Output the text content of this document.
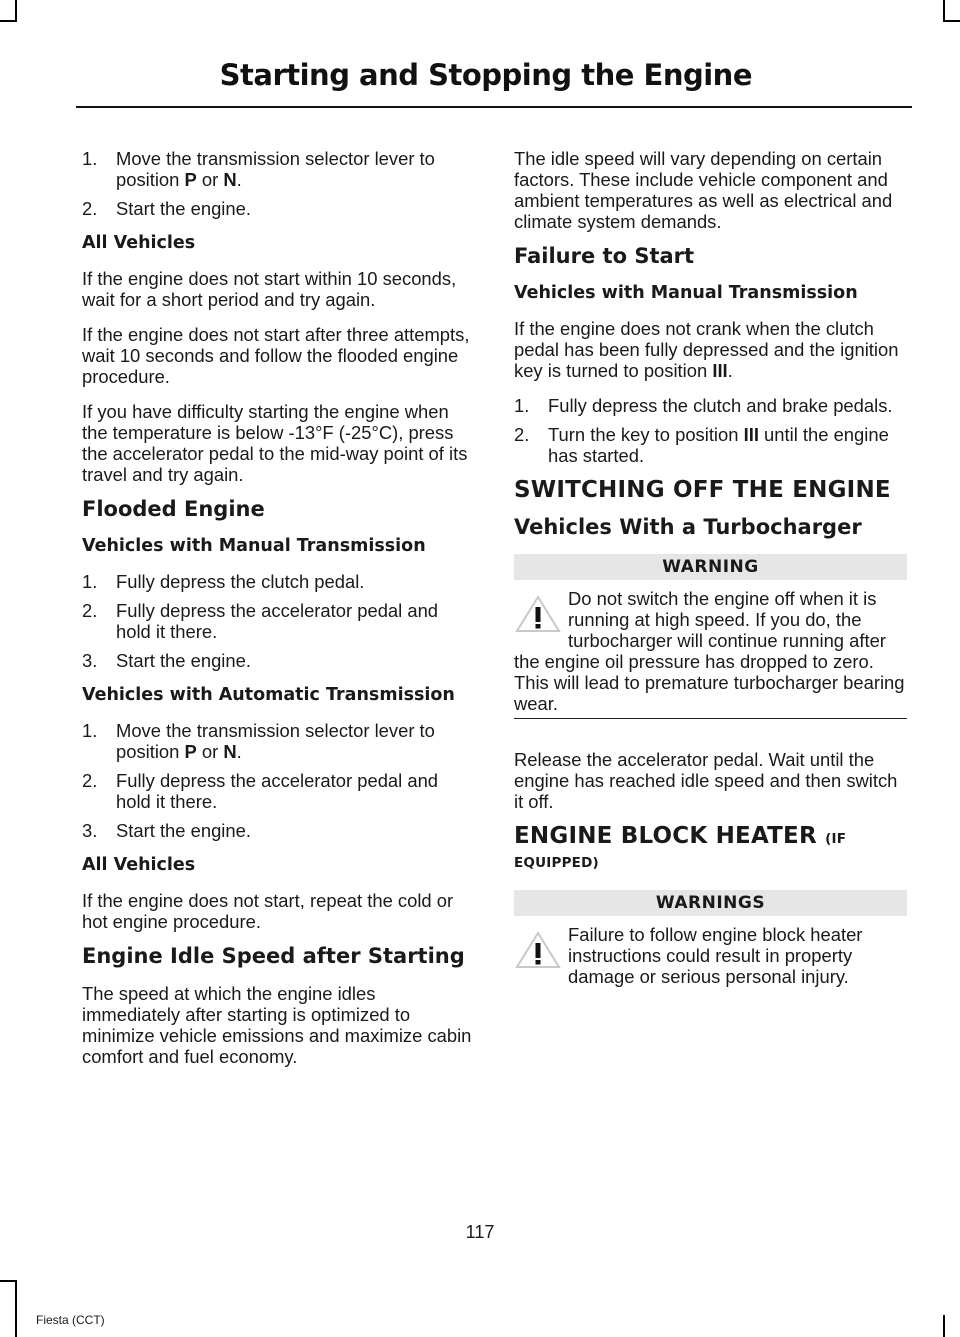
Starting and Stopping the Engine
1. Move the transmission selector lever to position P or N.
2. Start the engine.
All Vehicles

If the engine does not start within 10 seconds, wait for a short period and try again.

If the engine does not start after three attempts, wait 10 seconds and follow the flooded engine procedure.

If you have difficulty starting the engine when the temperature is below -13°F (-25°C), press the accelerator pedal to the mid-way point of its travel and try again.

Flooded Engine
Vehicles with Manual Transmission
1. Fully depress the clutch pedal.
2. Fully depress the accelerator pedal and hold it there.
3. Start the engine.
Vehicles with Automatic Transmission
1. Move the transmission selector lever to position P or N.
2. Fully depress the accelerator pedal and hold it there.
3. Start the engine.
All Vehicles

If the engine does not start, repeat the cold or hot engine procedure.

Engine Idle Speed after Starting

The speed at which the engine idles immediately after starting is optimized to minimize vehicle emissions and maximize cabin comfort and fuel economy.

The idle speed will vary depending on certain factors. These include vehicle component and ambient temperatures as well as electrical and climate system demands.

Failure to Start
Vehicles with Manual Transmission

If the engine does not crank when the clutch pedal has been fully depressed and the ignition key is turned to position III.

1. Fully depress the clutch and brake pedals.
2. Turn the key to position III until the engine has started.
SWITCHING OFF THE ENGINE
Vehicles With a Turbocharger
WARNING
Do not switch the engine off when it is running at high speed. If you do, the turbocharger will continue running after the engine oil pressure has dropped to zero. This will lead to premature turbocharger bearing wear.

Release the accelerator pedal. Wait until the engine has reached idle speed and then switch it off.

ENGINE BLOCK HEATER (IF EQUIPPED)
WARNINGS
Failure to follow engine block heater instructions could result in property damage or serious personal injury.
117
Fiesta (CCT)
